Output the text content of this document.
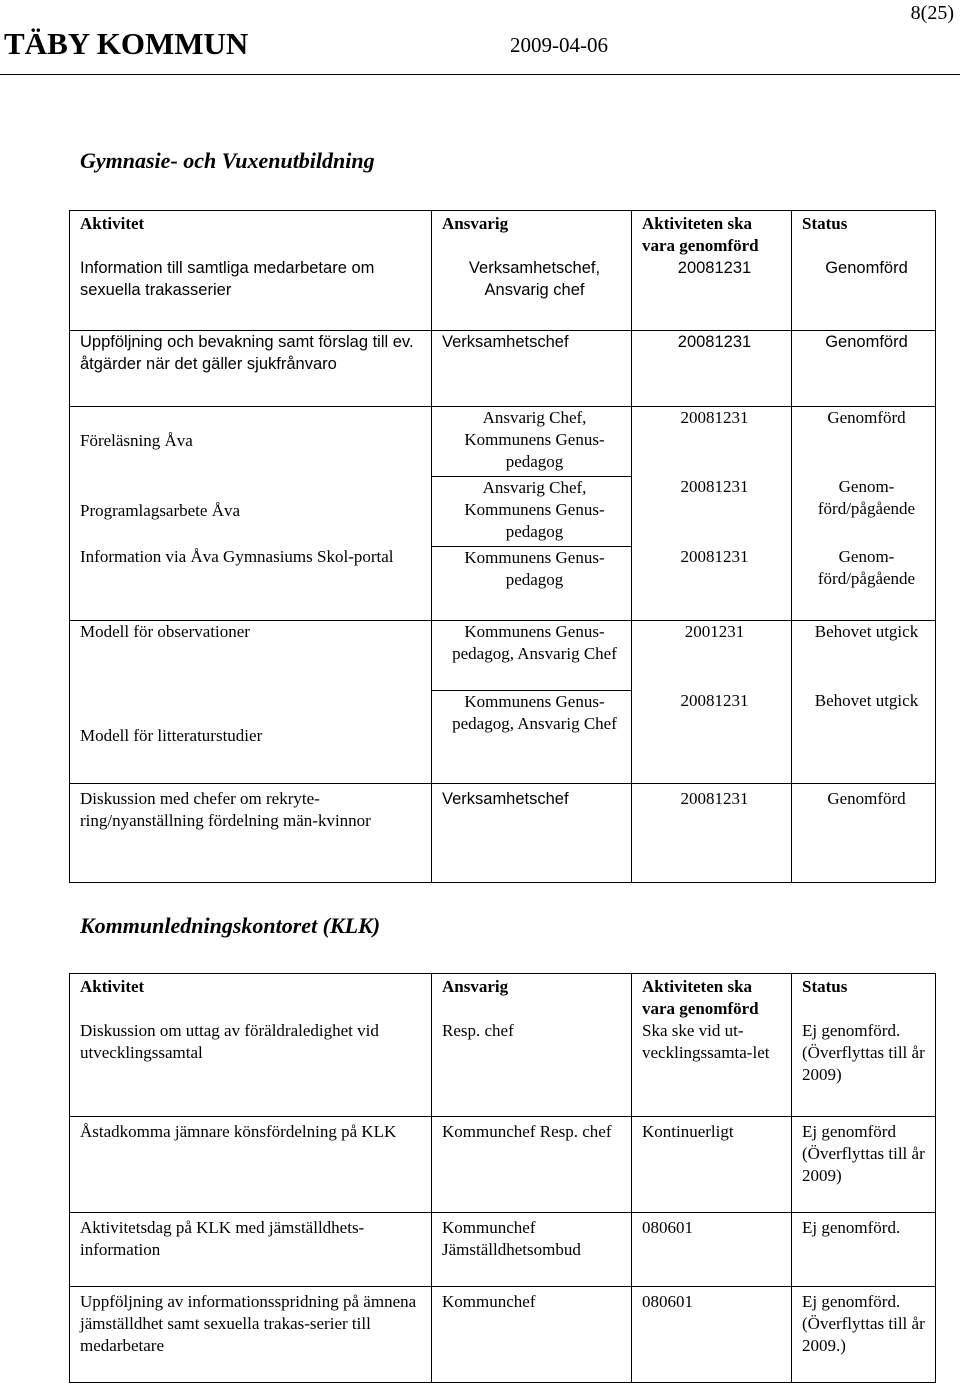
8(25)
TÄBY KOMMUN	2009-04-06
Gymnasie- och Vuxenutbildning
Aktivitet	Ansvarig	Aktiviteten ska vara genomförd	Status
Information till samtliga medarbetare om sexuella trakasserier	Verksamhetschef, Ansvarig chef	20081231	Genomförd
Uppföljning och bevakning samt förslag till ev. åtgärder när det gäller sjukfrånvaro	Verksamhetschef	20081231	Genomförd
Föreläsning Åva	Ansvarig Chef, Kommunens Genus-pedagog	20081231	Genomförd
Programlagsarbete Åva	Ansvarig Chef, Kommunens Genus-pedagog	20081231	Genom-förd/pågående
Information via Åva Gymnasiums Skol-portal	Kommunens Genus-pedagog	20081231	Genom-förd/pågående
Modell för observationer	Kommunens Genus-pedagog, Ansvarig Chef	2001231	Behovet utgick
Modell för litteraturstudier	Kommunens Genus-pedagog, Ansvarig Chef	20081231	Behovet utgick
Diskussion med chefer om rekryte-ring/nyanställning fördelning män-kvinnor	Verksamhetschef	20081231	Genomförd
Kommunledningskontoret (KLK)
Aktivitet	Ansvarig	Aktiviteten ska vara genomförd	Status
Diskussion om uttag av föräldraledighet vid utvecklingssamtal	Resp. chef	Ska ske vid ut-vecklingssamta-let	Ej genomförd. (Överflyttas till år 2009)
Åstadkomma jämnare könsfördelning på KLK	Kommunchef Resp. chef	Kontinuerligt	Ej genomförd (Överflyttas till år 2009)
Aktivitetsdag på KLK med jämställdhets-information	Kommunchef Jämställdhetsombud	080601	Ej genomförd.
Uppföljning av informationsspridning på ämnena jämställdhet samt sexuella trakas-serier till medarbetare	Kommunchef	080601	Ej genomförd. (Överflyttas till år 2009.)
